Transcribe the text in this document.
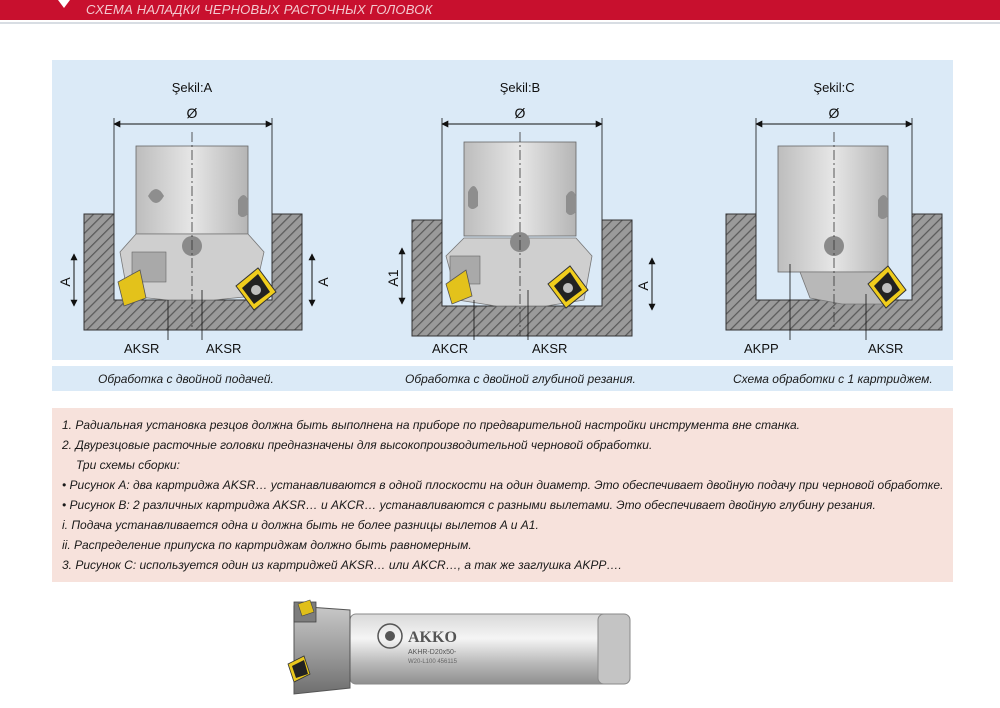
СХЕМА НАЛАДКИ ЧЕРНОВЫХ РАСТОЧНЫХ ГОЛОВОК
Şekil:A
Ø
A	A
AKSR	AKSR
Şekil:B
Ø
A1	A
AKCR	AKSR
Şekil:C
Ø
AKPP	AKSR
Обработка с двойной подачей.	Обработка с двойной глубиной резания.	Схема обработки с 1 картриджем.
1. Радиальная установка резцов должна быть выполнена на приборе по предварительной настройки инструмента вне станка.
2. Двурезцовые расточные головки предназначены для высокопроизводительной черновой обработки.
Три схемы сборки:
• Рисунок A: два картриджа AKSR… устанавливаются в одной плоскости на один диаметр. Это обеспечивает двойную подачу при черновой обработке.
• Рисунок B: 2 различных картриджа AKSR… и AKCR… устанавливаются с разными вылетами. Это обеспечивает двойную глубину резания.
i. Подача устанавливается одна и должна быть не более разницы вылетов A и A1.
ii. Распределение припуска по картриджам должно быть равномерным.
3. Рисунок C: используется один из картриджей AKSR… или AKCR…, а так же заглушка AKPP….
AKKO
AKHR-D20x50-
W20-L100 456115
